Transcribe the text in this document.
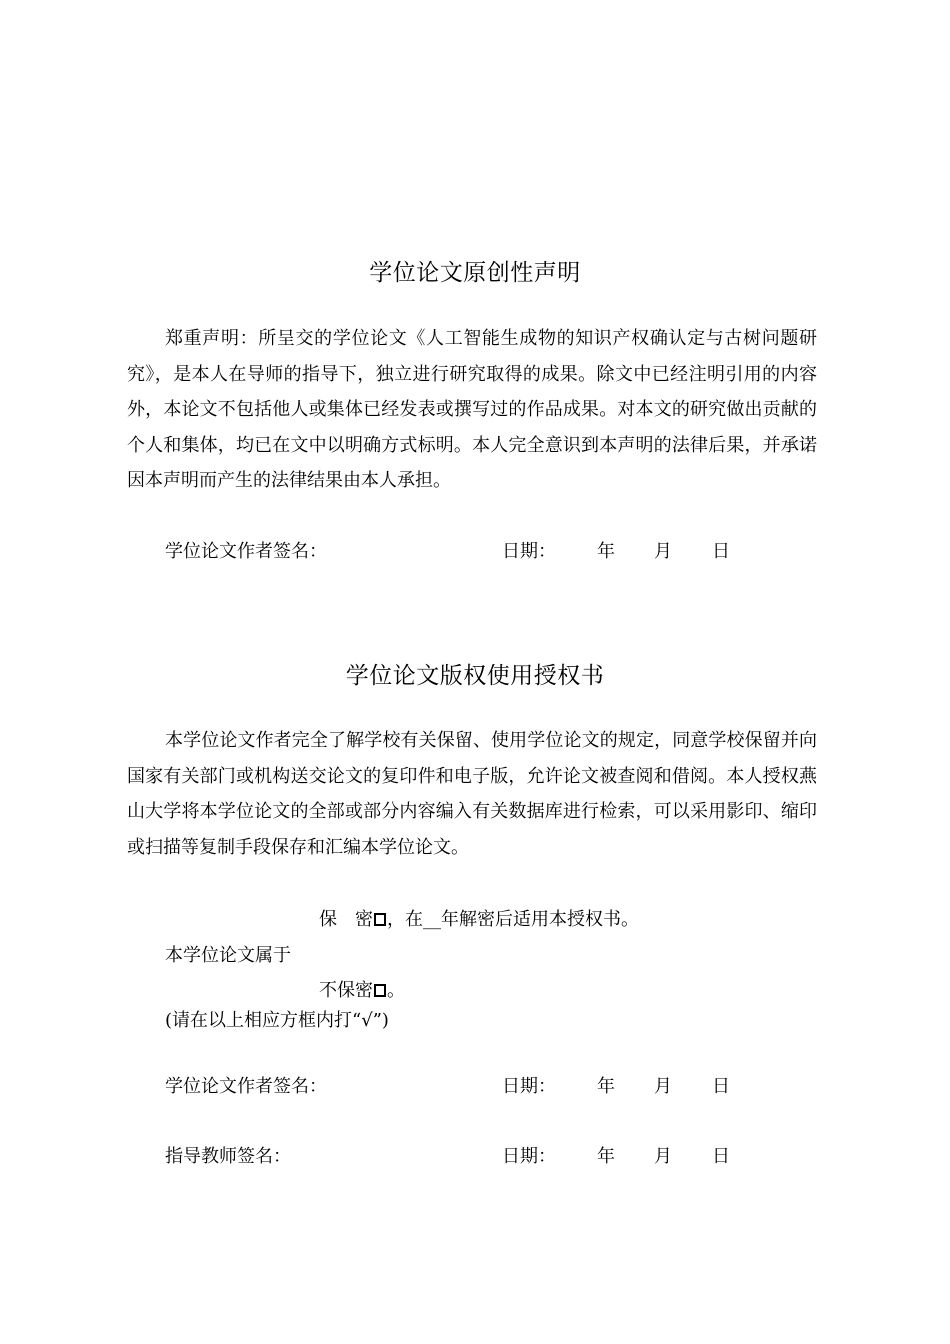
学位论文原创性声明
郑重声明：所呈交的学位论文《人工智能生成物的知识产权确认定与古树问题研究》，是本人在导师的指导下，独立进行研究取得的成果。除文中已经注明引用的内容外，本论文不包括他人或集体已经发表或撰写过的作品成果。对本文的研究做出贡献的个人和集体，均已在文中以明确方式标明。本人完全意识到本声明的法律后果，并承诺因本声明而产生的法律结果由本人承担。
学位论文作者签名：	日期： 年 月 日
学位论文版权使用授权书
本学位论文作者完全了解学校有关保留、使用学位论文的规定，同意学校保留并向国家有关部门或机构送交论文的复印件和电子版，允许论文被查阅和借阅。本人授权燕山大学将本学位论文的全部或部分内容编入有关数据库进行检索，可以采用影印、缩印或扫描等复制手段保存和汇编本学位论文。
保　密 ，在__年解密后适用本授权书。
本学位论文属于
不保密 。
(请在以上相应方框内打“√”)
学位论文作者签名：	日期： 年 月 日
指导教师签名：	日期： 年 月 日
